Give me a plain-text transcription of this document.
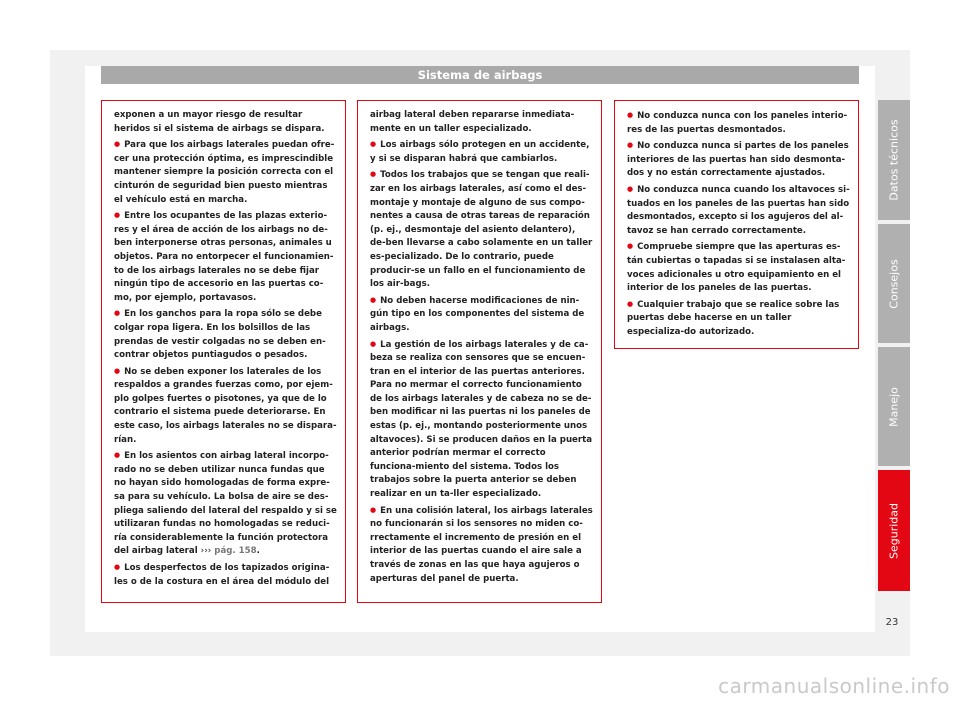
Sistema de airbags

exponen a un mayor riesgo de resultar heridos si el sistema de airbags se dispara.

● Para que los airbags laterales puedan ofre-cer una protección óptima, es imprescindible mantener siempre la posición correcta con el cinturón de seguridad bien puesto mientras el vehículo está en marcha.

● Entre los ocupantes de las plazas exterio-res y el área de acción de los airbags no de-ben interponerse otras personas, animales u objetos. Para no entorpecer el funcionamien-to de los airbags laterales no se debe fijar ningún tipo de accesorio en las puertas co-mo, por ejemplo, portavasos.

● En los ganchos para la ropa sólo se debe colgar ropa ligera. En los bolsillos de las prendas de vestir colgadas no se deben en-contrar objetos puntiagudos o pesados.

● No se deben exponer los laterales de los respaldos a grandes fuerzas como, por ejem-plo golpes fuertes o pisotones, ya que de lo contrario el sistema puede deteriorarse. En este caso, los airbags laterales no se dispara-rían.

● En los asientos con airbag lateral incorpo-rado no se deben utilizar nunca fundas que no hayan sido homologadas de forma expre-sa para su vehículo. La bolsa de aire se des-pliega saliendo del lateral del respaldo y si se utilizaran fundas no homologadas se reduci-ría considerablemente la función protectora del airbag lateral ››› pág. 158.

● Los desperfectos de los tapizados origina-les o de la costura en el área del módulo del

airbag lateral deben repararse inmediata-mente en un taller especializado.

● Los airbags sólo protegen en un accidente, y si se disparan habrá que cambiarlos.

● Todos los trabajos que se tengan que reali-zar en los airbags laterales, así como el des-montaje y montaje de alguno de sus compo-nentes a causa de otras tareas de reparación (p. ej., desmontaje del asiento delantero), de-ben llevarse a cabo solamente en un taller es-pecializado. De lo contrario, puede producir-se un fallo en el funcionamiento de los air-bags.

● No deben hacerse modificaciones de nin-gún tipo en los componentes del sistema de airbags.

● La gestión de los airbags laterales y de ca-beza se realiza con sensores que se encuen-tran en el interior de las puertas anteriores. Para no mermar el correcto funcionamiento de los airbags laterales y de cabeza no se de-ben modificar ni las puertas ni los paneles de estas (p. ej., montando posteriormente unos altavoces). Si se producen daños en la puerta anterior podrían mermar el correcto funciona-miento del sistema. Todos los trabajos sobre la puerta anterior se deben realizar en un ta-ller especializado.

● En una colisión lateral, los airbags laterales no funcionarán si los sensores no miden co-rrectamente el incremento de presión en el interior de las puertas cuando el aire sale a través de zonas en las que haya agujeros o aperturas del panel de puerta.

● No conduzca nunca con los paneles interio-res de las puertas desmontados.

● No conduzca nunca si partes de los paneles interiores de las puertas han sido desmonta-dos y no están correctamente ajustados.

● No conduzca nunca cuando los altavoces si-tuados en los paneles de las puertas han sido desmontados, excepto si los agujeros del al-tavoz se han cerrado correctamente.

● Compruebe siempre que las aperturas es-tán cubiertas o tapadas si se instalasen alta-voces adicionales u otro equipamiento en el interior de los paneles de las puertas.

● Cualquier trabajo que se realice sobre las puertas debe hacerse en un taller especializa-do autorizado.

Datos técnicos
Consejos
Manejo
Seguridad
23
carmanualsonline.info
